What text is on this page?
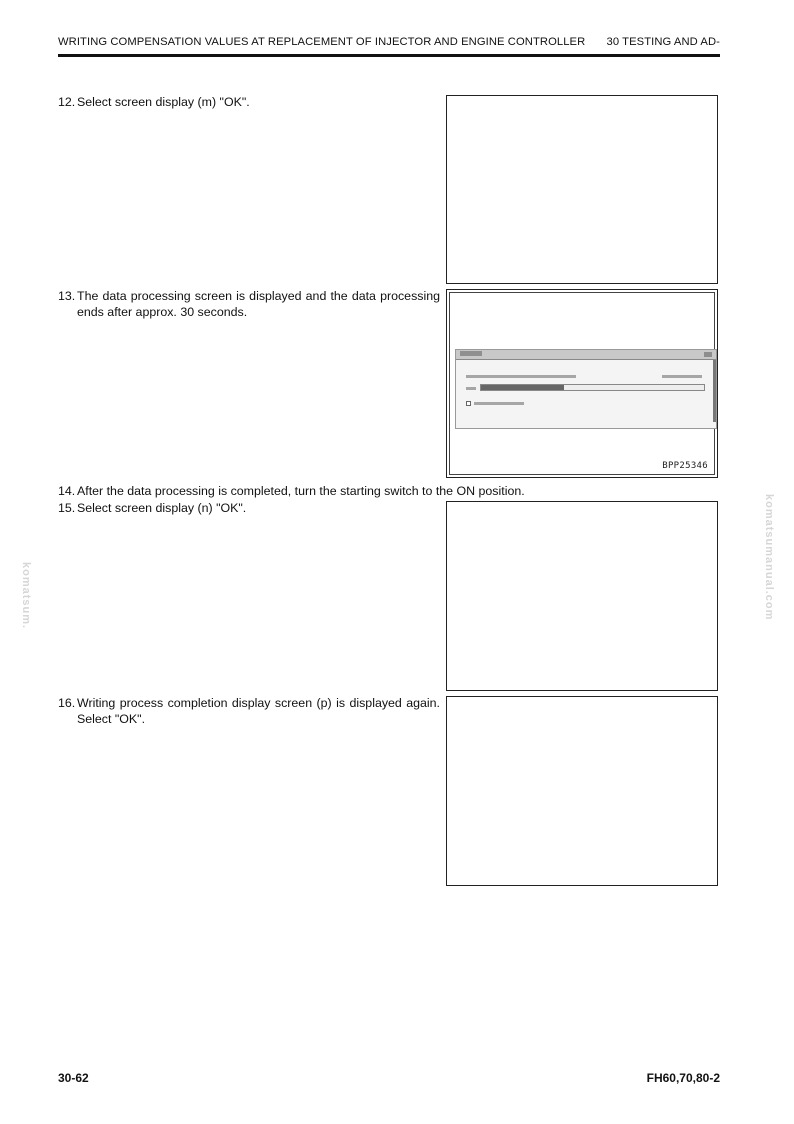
WRITING COMPENSATION VALUES AT REPLACEMENT OF INJECTOR AND ENGINE CONTROLLER 30 TESTING AND AD-
12. Select screen display (m) "OK".
13. The data processing screen is displayed and the data processing ends after approx. 30 seconds.
BPP25346
14. After the data processing is completed, turn the starting switch to the ON position.
15. Select screen display (n) "OK".
16. Writing process completion display screen (p) is displayed again. Select "OK".
komatsum.	komatsumanual.com
30-62	FH60,70,80-2
